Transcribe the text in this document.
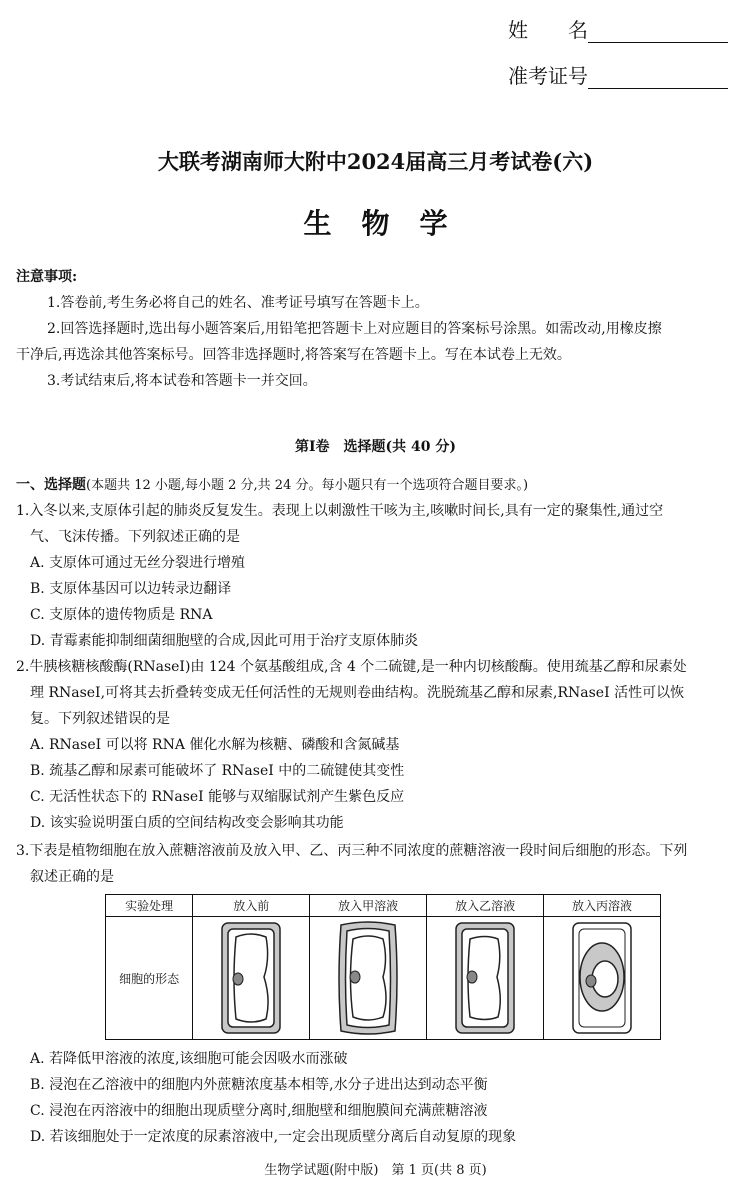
姓　　名
准考证号
大联考湖南师大附中2024届高三月考试卷(六)
生物学
注意事项:
1.答卷前,考生务必将自己的姓名、准考证号填写在答题卡上。
2.回答选择题时,选出每小题答案后,用铅笔把答题卡上对应题目的答案标号涂黑。如需改动,用橡皮擦
干净后,再选涂其他答案标号。回答非选择题时,将答案写在答题卡上。写在本试卷上无效。
3.考试结束后,将本试卷和答题卡一并交回。
第Ⅰ卷　选择题(共 40 分)
一、选择题(本题共 12 小题,每小题 2 分,共 24 分。每小题只有一个选项符合题目要求。)
1.入冬以来,支原体引起的肺炎反复发生。表现上以刺激性干咳为主,咳嗽时间长,具有一定的聚集性,通过空
气、飞沫传播。下列叙述正确的是
A. 支原体可通过无丝分裂进行增殖
B. 支原体基因可以边转录边翻译
C. 支原体的遗传物质是 RNA
D. 青霉素能抑制细菌细胞壁的合成,因此可用于治疗支原体肺炎
2.牛胰核糖核酸酶(RNaseI)由 124 个氨基酸组成,含 4 个二硫键,是一种内切核酸酶。使用巯基乙醇和尿素处
理 RNaseI,可将其去折叠转变成无任何活性的无规则卷曲结构。洗脱巯基乙醇和尿素,RNaseI 活性可以恢
复。下列叙述错误的是
A. RNaseI 可以将 RNA 催化水解为核糖、磷酸和含氮碱基
B. 巯基乙醇和尿素可能破坏了 RNaseI 中的二硫键使其变性
C. 无活性状态下的 RNaseI 能够与双缩脲试剂产生紫色反应
D. 该实验说明蛋白质的空间结构改变会影响其功能
3.下表是植物细胞在放入蔗糖溶液前及放入甲、乙、丙三种不同浓度的蔗糖溶液一段时间后细胞的形态。下列
叙述正确的是
实验处理	放入前	放入甲溶液	放入乙溶液	放入丙溶液
细胞的形态	

A. 若降低甲溶液的浓度,该细胞可能会因吸水而涨破
B. 浸泡在乙溶液中的细胞内外蔗糖浓度基本相等,水分子进出达到动态平衡
C. 浸泡在丙溶液中的细胞出现质壁分离时,细胞壁和细胞膜间充满蔗糖溶液
D. 若该细胞处于一定浓度的尿素溶液中,一定会出现质壁分离后自动复原的现象
生物学试题(附中版)　第 1 页(共 8 页)
